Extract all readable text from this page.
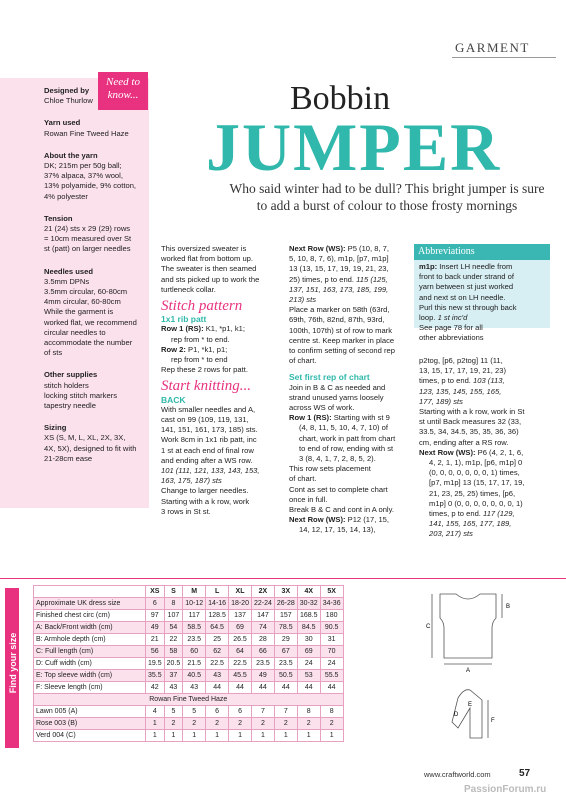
GARMENT
Bobbin
JUMPER
Who said winter had to be dull? This bright jumper is sure to add a burst of colour to those frosty mornings
Need to know...
Designed by
Chloe Thurlow
Yarn used
Rowan Fine Tweed Haze
About the yarn
DK; 215m per 50g ball;
37% alpaca, 37% wool,
13% polyamide, 9% cotton,
4% polyester
Tension
21 (24) sts x 29 (29) rows
= 10cm measured over St
st (patt) on larger needles
Needles used
3.5mm DPNs
3.5mm circular, 60-80cm
4mm circular, 60-80cm
While the garment is
worked flat, we recommend
circular needles to
accommodate the number
of sts
Other supplies
stitch holders
locking stitch markers
tapestry needle
Sizing
XS (S, M, L, XL, 2X, 3X,
4X, 5X), designed to fit with
21-28cm ease
This oversized sweater is
worked flat from bottom up.
The sweater is then seamed
and sts picked up to work the
turtleneck collar.
Stitch pattern
1x1 rib patt
Row 1 (RS): K1, *p1, k1;
rep from * to end.
Row 2: P1, *k1, p1;
rep from * to end
Rep these 2 rows for patt.
Start knitting...
BACK
With smaller needles and A,
cast on 99 (109, 119, 131,
141, 151, 161, 173, 185) sts.
Work 8cm in 1x1 rib patt, inc
1 st at each end of final row
and ending after a WS row.
101 (111, 121, 133, 143, 153,
163, 175, 187) sts
Change to larger needles.
Starting with a k row, work
3 rows in St st.
Next Row (WS): P5 (10, 8, 7,
5, 10, 8, 7, 6), m1p, [p7, m1p]
13 (13, 15, 17, 19, 19, 21, 23,
25) times, p to end. 115 (125,
137, 151, 163, 173, 185, 199,
213) sts
Place a marker on 58th (63rd,
69th, 76th, 82nd, 87th, 93rd,
100th, 107th) st of row to mark
centre st. Keep marker in place
to confirm setting of second rep
of chart.
Set first rep of chart
Join in B & C as needed and
strand unused yarns loosely
across WS of work.
Row 1 (RS): Starting with st 9
(4, 8, 11, 5, 10, 4, 7, 10) of
chart, work in patt from chart
to end of row, ending with st
3 (8, 4, 1, 7, 2, 8, 5, 2).
This row sets placement
of chart.
Cont as set to complete chart
once in full.
Break B & C and cont in A only.
Next Row (WS): P12 (17, 15,
14, 12, 17, 15, 14, 13),
Abbreviations
m1p: Insert LH needle from
front to back under strand of
yarn between st just worked
and next st on LH needle.
Purl this new st through back
loop. 1 st inc'd
See page 78 for all
other abbreviations
p2tog, [p6, p2tog] 11 (11,
13, 15, 17, 17, 19, 21, 23)
times, p to end. 103 (113,
123, 135, 145, 155, 165,
177, 189) sts
Starting with a k row, work in St
st until Back measures 32 (33,
33.5, 34, 34.5, 35, 35, 36, 36)
cm, ending after a RS row.
Next Row (WS): P6 (4, 2, 1, 6,
4, 2, 1, 1), m1p, [p6, m1p] 0
(0, 0, 0, 0, 0, 0, 0, 1) times,
[p7, m1p] 13 (15, 17, 17, 19,
21, 23, 25, 25) times, [p6,
m1p] 0 (0, 0, 0, 0, 0, 0, 0, 1)
times, p to end. 117 (129,
141, 155, 165, 177, 189,
203, 217) sts
Find your size
	XS	S	M	L	XL	2X	3X	4X	5X
Approximate UK dress size	6	8	10-12	14-16	18-20	22-24	26-28	30-32	34-36
Finished chest circ (cm)	97	107	117	128.5	137	147	157	168.5	180
A: Back/Front width (cm)	49	54	58.5	64.5	69	74	78.5	84.5	90.5
B: Armhole depth (cm)	21	22	23.5	25	26.5	28	29	30	31
C: Full length (cm)	56	58	60	62	64	66	67	69	70
D: Cuff width (cm)	19.5	20.5	21.5	22.5	22.5	23.5	23.5	24	24
E: Top sleeve width (cm)	35.5	37	40.5	43	45.5	49	50.5	53	55.5
F: Sleeve length (cm)	42	43	43	44	44	44	44	44	44
Rowan Fine Tweed Haze									
Lawn 005 (A)	4	5	5	6	6	7	7	8	8
Rose 003 (B)	1	2	2	2	2	2	2	2	2
Verd 004 (C)	1	1	1	1	1	1	1	1	1
B
C
A
D
E
F
www.craftworld.com	57
PassionForum.ru
